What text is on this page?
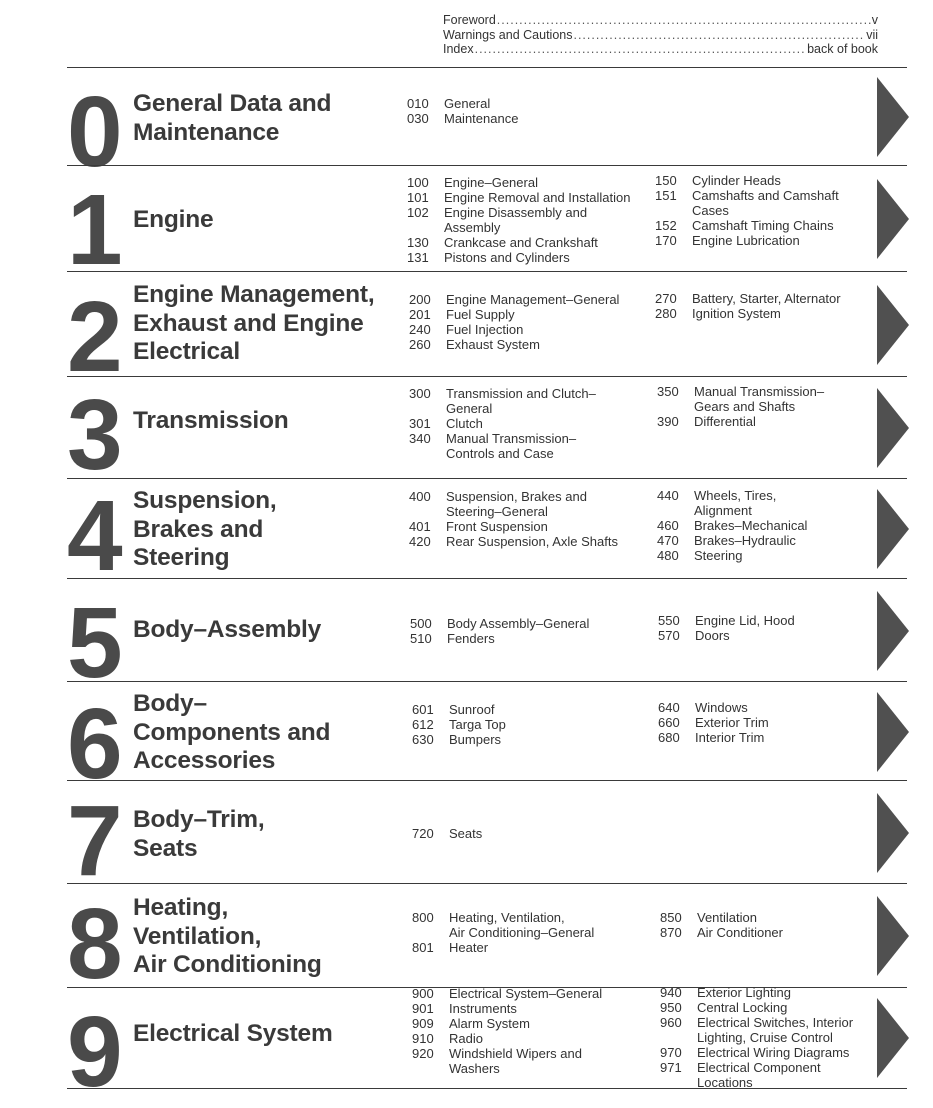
Foreword .....	v
Warnings and Cautions .....	vii
Index .....	back of book
0 General Data and
Maintenance
010	General
030	Maintenance
1 Engine
100	Engine–General
101	Engine Removal and Installation
102	Engine Disassembly and
Assembly
130	Crankcase and Crankshaft
131	Pistons and Cylinders
150	Cylinder Heads
151	Camshafts and Camshaft
Cases
152	Camshaft Timing Chains
170	Engine Lubrication
2 Engine Management,
Exhaust and Engine
Electrical
200	Engine Management–General
201	Fuel Supply
240	Fuel Injection
260	Exhaust System
270	Battery, Starter, Alternator
280	Ignition System
3 Transmission
300	Transmission and Clutch–
General
301	Clutch
340	Manual Transmission–
Controls and Case
350	Manual Transmission–
Gears and Shafts
390	Differential
4 Suspension,
Brakes and
Steering
400	Suspension, Brakes and
Steering–General
401	Front Suspension
420	Rear Suspension, Axle Shafts
440	Wheels, Tires,
Alignment
460	Brakes–Mechanical
470	Brakes–Hydraulic
480	Steering
5 Body–Assembly	500	Body Assembly–General
510	Fenders
550	Engine Lid, Hood
570	Doors
6 Body–
Components and
Accessories
601	Sunroof
612	Targa Top
630	Bumpers
640	Windows
660	Exterior Trim
680	Interior Trim
7 Body–Trim,
Seats
720	Seats
8 Heating,
Ventilation,
Air Conditioning
800	Heating, Ventilation,
Air Conditioning–General
801	Heater
850	Ventilation
870	Air Conditioner
9 Electrical System
900	Electrical System–General
901	Instruments
909	Alarm System
910	Radio
920	Windshield Wipers and
Washers
940	Exterior Lighting
950	Central Locking
960	Electrical Switches, Interior
Lighting, Cruise Control
970	Electrical Wiring Diagrams
971	Electrical Component
Locations
